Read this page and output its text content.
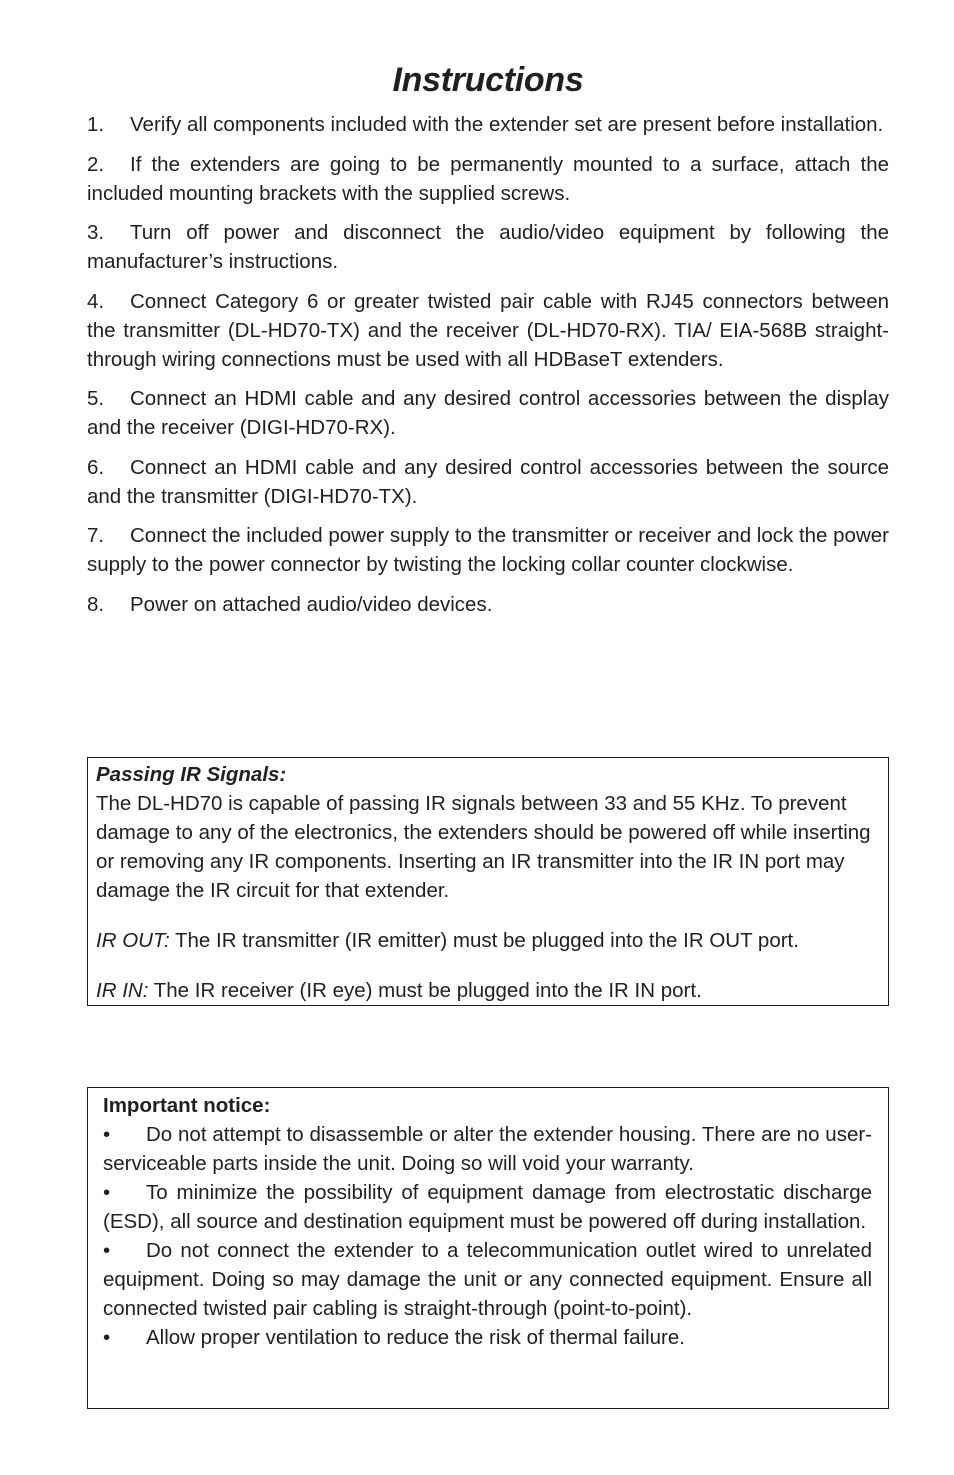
Instructions

1. Verify all components included with the extender set are present before installation.

2. If the extenders are going to be permanently mounted to a surface, attach the included mounting brackets with the supplied screws.

3. Turn off power and disconnect the audio/video equipment by following the manufacturer’s instructions.

4. Connect Category 6 or greater twisted pair cable with RJ45 connectors between the transmitter (DL-HD70-TX) and the receiver (DL-HD70-RX). TIA/ EIA-568B straight-through wiring connections must be used with all HDBaseT extenders.

5. Connect an HDMI cable and any desired control accessories between the display and the receiver (DIGI-HD70-RX).

6. Connect an HDMI cable and any desired control accessories between the source and the transmitter (DIGI-HD70-TX).

7. Connect the included power supply to the transmitter or receiver and lock the power supply to the power connector by twisting the locking collar counter clockwise.

8. Power on attached audio/video devices.

Passing IR Signals:

The DL-HD70 is capable of passing IR signals between 33 and 55 KHz. To prevent damage to any of the electronics, the extenders should be powered off while inserting or removing any IR components. Inserting an IR transmitter into the IR IN port may damage the IR circuit for that extender.

IR OUT: The IR transmitter (IR emitter) must be plugged into the IR OUT port.

IR IN: The IR receiver (IR eye) must be plugged into the IR IN port.

Important notice:

• Do not attempt to disassemble or alter the extender housing. There are no user-serviceable parts inside the unit. Doing so will void your warranty.

• To minimize the possibility of equipment damage from electrostatic discharge (ESD), all source and destination equipment must be powered off during installation.

• Do not connect the extender to a telecommunication outlet wired to unrelated equipment. Doing so may damage the unit or any connected equipment. Ensure all connected twisted pair cabling is straight-through (point-to-point).

• Allow proper ventilation to reduce the risk of thermal failure.
